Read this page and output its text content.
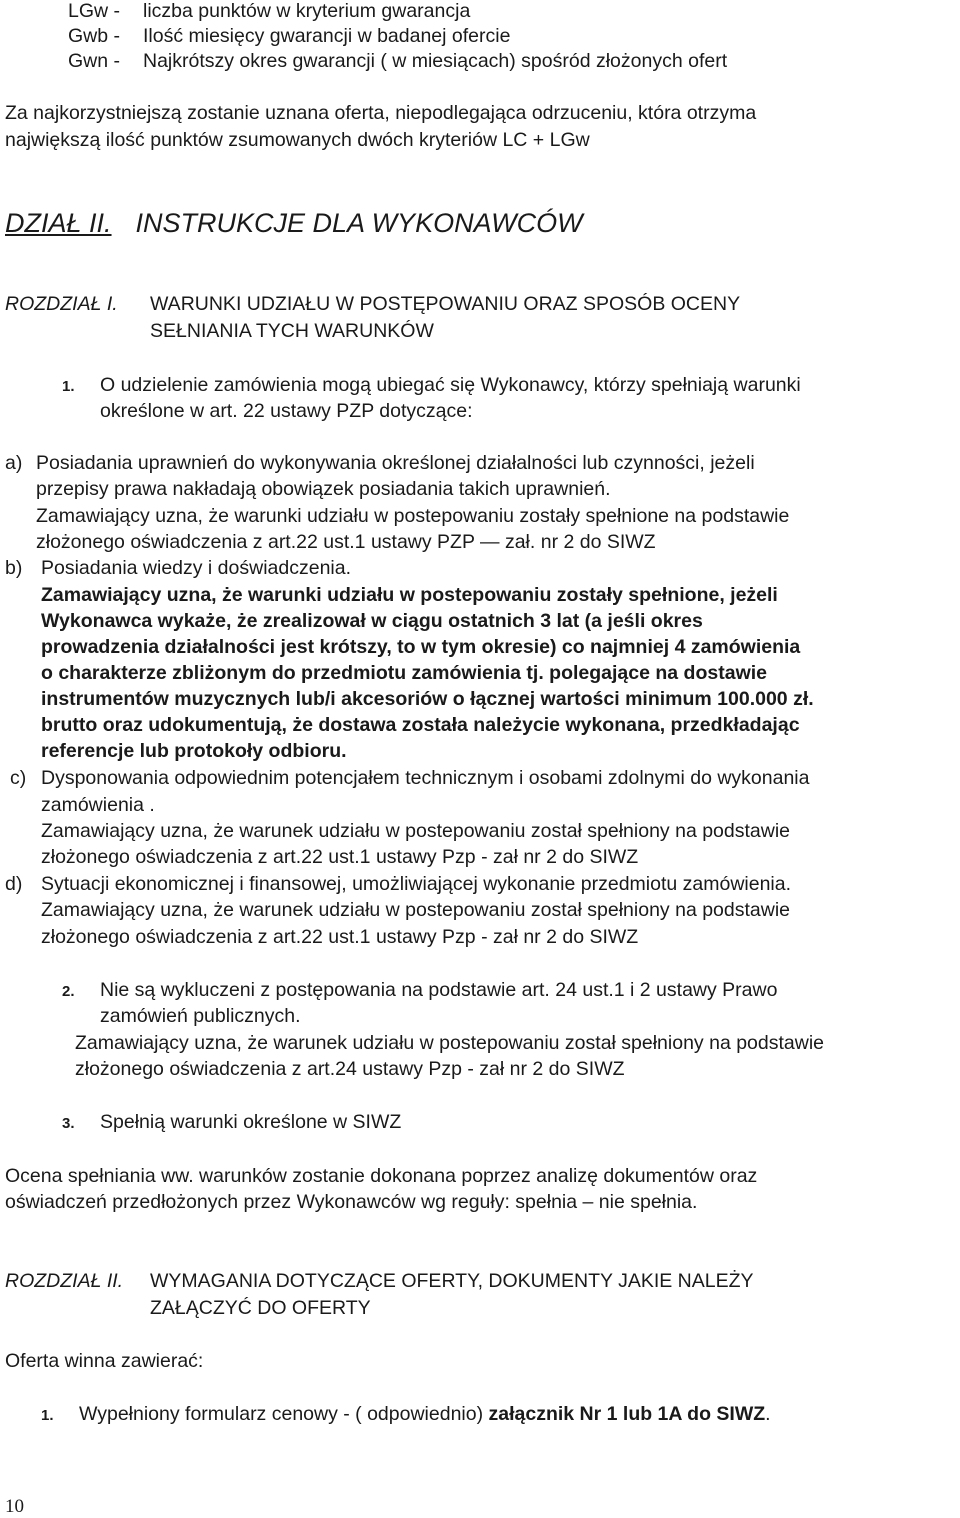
LGw - liczba punktów w kryterium gwarancja
Gwb - Ilość miesięcy gwarancji w badanej ofercie
Gwn - Najkrótszy okres gwarancji ( w miesiącach) spośród złożonych ofert
Za najkorzystniejszą zostanie uznana oferta, niepodlegająca odrzuceniu, która otrzyma
największą ilość punktów zsumowanych dwóch kryteriów LC + LGw
DZIAŁ II. INSTRUKCJE DLA WYKONAWCÓW
ROZDZIAŁ I. WARUNKI UDZIAŁU W POSTĘPOWANIU ORAZ SPOSÓB OCENY
SEŁNIANIA TYCH WARUNKÓW
1. O udzielenie zamówienia mogą ubiegać się Wykonawcy, którzy spełniają warunki
określone w art. 22 ustawy PZP dotyczące:
a) Posiadania uprawnień do wykonywania określonej działalności lub czynności, jeżeli
przepisy prawa nakładają obowiązek posiadania takich uprawnień.
Zamawiający uzna, że warunki udziału w postepowaniu zostały spełnione na podstawie
złożonego oświadczenia z art.22 ust.1 ustawy PZP — zał. nr 2 do SIWZ
b) Posiadania wiedzy i doświadczenia.
Zamawiający uzna, że warunki udziału w postepowaniu zostały spełnione, jeżeli
Wykonawca wykaże, że zrealizował w ciągu ostatnich 3 lat (a jeśli okres
prowadzenia działalności jest krótszy, to w tym okresie) co najmniej 4 zamówienia
o charakterze zbliżonym do przedmiotu zamówienia tj. polegające na dostawie
instrumentów muzycznych lub/i akcesoriów o łącznej wartości minimum 100.000 zł.
brutto oraz udokumentują, że dostawa została należycie wykonana, przedkładając
referencje lub protokoły odbioru.
c) Dysponowania odpowiednim potencjałem technicznym i osobami zdolnymi do wykonania
zamówienia .
Zamawiający uzna, że warunek udziału w postepowaniu został spełniony na podstawie
złożonego oświadczenia z art.22 ust.1 ustawy Pzp - zał nr 2 do SIWZ
d) Sytuacji ekonomicznej i finansowej, umożliwiającej wykonanie przedmiotu zamówienia.
Zamawiający uzna, że warunek udziału w postepowaniu został spełniony na podstawie
złożonego oświadczenia z art.22 ust.1 ustawy Pzp - zał nr 2 do SIWZ
2. Nie są wykluczeni z postępowania na podstawie art. 24 ust.1 i 2 ustawy Prawo
zamówień publicznych.
Zamawiający uzna, że warunek udziału w postepowaniu został spełniony na podstawie
złożonego oświadczenia z art.24 ustawy Pzp - zał nr 2 do SIWZ
3. Spełnią warunki określone w SIWZ
Ocena spełniania ww. warunków zostanie dokonana poprzez analizę dokumentów oraz
oświadczeń przedłożonych przez Wykonawców wg reguły: spełnia – nie spełnia.
ROZDZIAŁ II. WYMAGANIA DOTYCZĄCE OFERTY, DOKUMENTY JAKIE NALEŻY
ZAŁĄCZYĆ DO OFERTY
Oferta winna zawierać:
1. Wypełniony formularz cenowy - ( odpowiednio) załącznik Nr 1 lub 1A do SIWZ.
10
